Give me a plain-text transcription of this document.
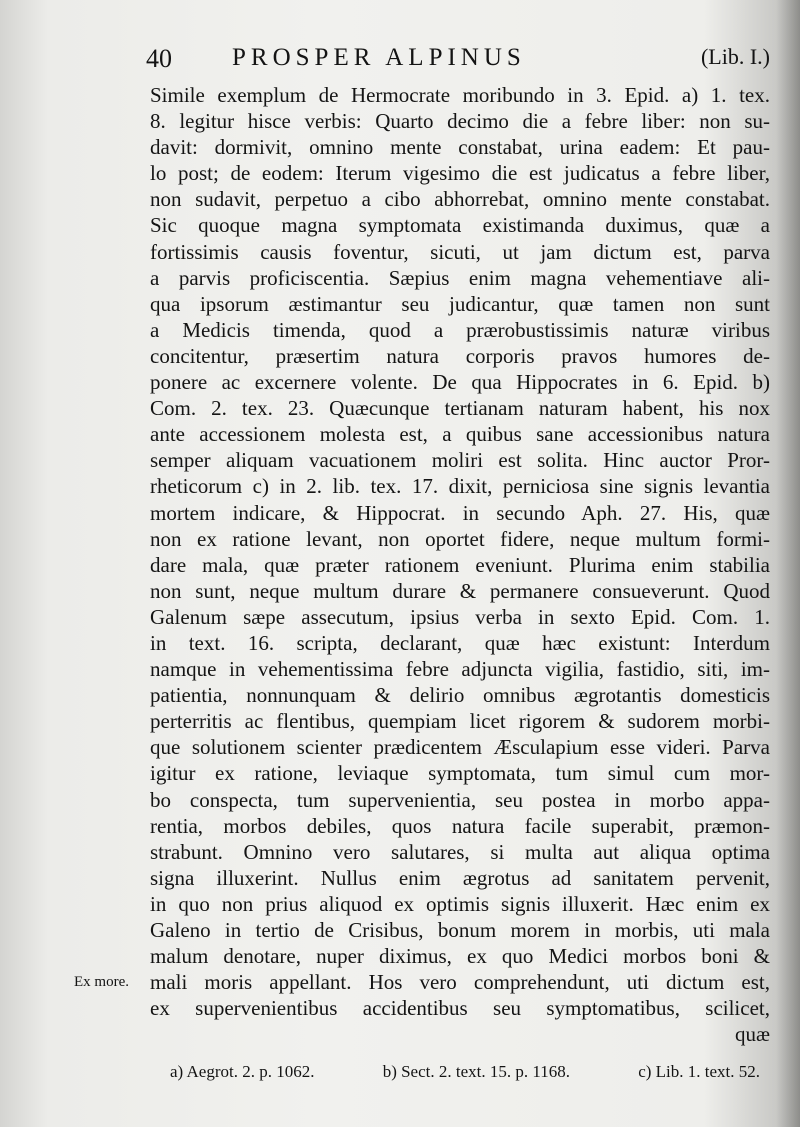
40 PROSPER ALPINUS	(Lib. I.)
Simile exemplum de Hermocrate moribundo in 3. Epid. a) 1. tex.
8. legitur hisce verbis: Quarto decimo die a febre liber: non su-
davit: dormivit, omnino mente constabat, urina eadem: Et pau-
lo post; de eodem: Iterum vigesimo die est judicatus a febre liber,
non sudavit, perpetuo a cibo abhorrebat, omnino mente constabat.
Sic quoque magna symptomata existimanda duximus, quæ a
fortissimis causis foventur, sicuti, ut jam dictum est, parva
a parvis proficiscentia. Sæpius enim magna vehementiave ali-
qua ipsorum æstimantur seu judicantur, quæ tamen non sunt
a Medicis timenda, quod a prærobustissimis naturæ viribus
concitentur, præsertim natura corporis pravos humores de-
ponere ac excernere volente. De qua Hippocrates in 6. Epid. b)
Com. 2. tex. 23. Quæcunque tertianam naturam habent, his nox
ante accessionem molesta est, a quibus sane accessionibus natura
semper aliquam vacuationem moliri est solita. Hinc auctor Pror-
rheticorum c) in 2. lib. tex. 17. dixit, perniciosa sine signis levantia
mortem indicare, & Hippocrat. in secundo Aph. 27. His, quæ
non ex ratione levant, non oportet fidere, neque multum formi-
dare mala, quæ præter rationem eveniunt. Plurima enim stabilia
non sunt, neque multum durare & permanere consueverunt. Quod
Galenum sæpe assecutum, ipsius verba in sexto Epid. Com. 1.
in text. 16. scripta, declarant, quæ hæc existunt: Interdum
namque in vehementissima febre adjuncta vigilia, fastidio, siti, im-
patientia, nonnunquam & delirio omnibus ægrotantis domesticis
perterritis ac flentibus, quempiam licet rigorem & sudorem morbi-
que solutionem scienter prædicentem Æsculapium esse videri. Parva
igitur ex ratione, leviaque symptomata, tum simul cum mor-
bo conspecta, tum supervenientia, seu postea in morbo appa-
rentia, morbos debiles, quos natura facile superabit, præmon-
strabunt. Omnino vero salutares, si multa aut aliqua optima
signa illuxerint. Nullus enim ægrotus ad sanitatem pervenit,
in quo non prius aliquod ex optimis signis illuxerit. Hæc enim ex
Galeno in tertio de Crisibus, bonum morem in morbis, uti mala
malum denotare, nuper diximus, ex quo Medici morbos boni &
mali moris appellant. Hos vero comprehendunt, uti dictum est,
ex supervenientibus accidentibus seu symptomatibus, scilicet,
quæ
Ex more.
a) Aegrot. 2. p. 1062.	b) Sect. 2. text. 15. p. 1168.	c) Lib. 1. text. 52.
